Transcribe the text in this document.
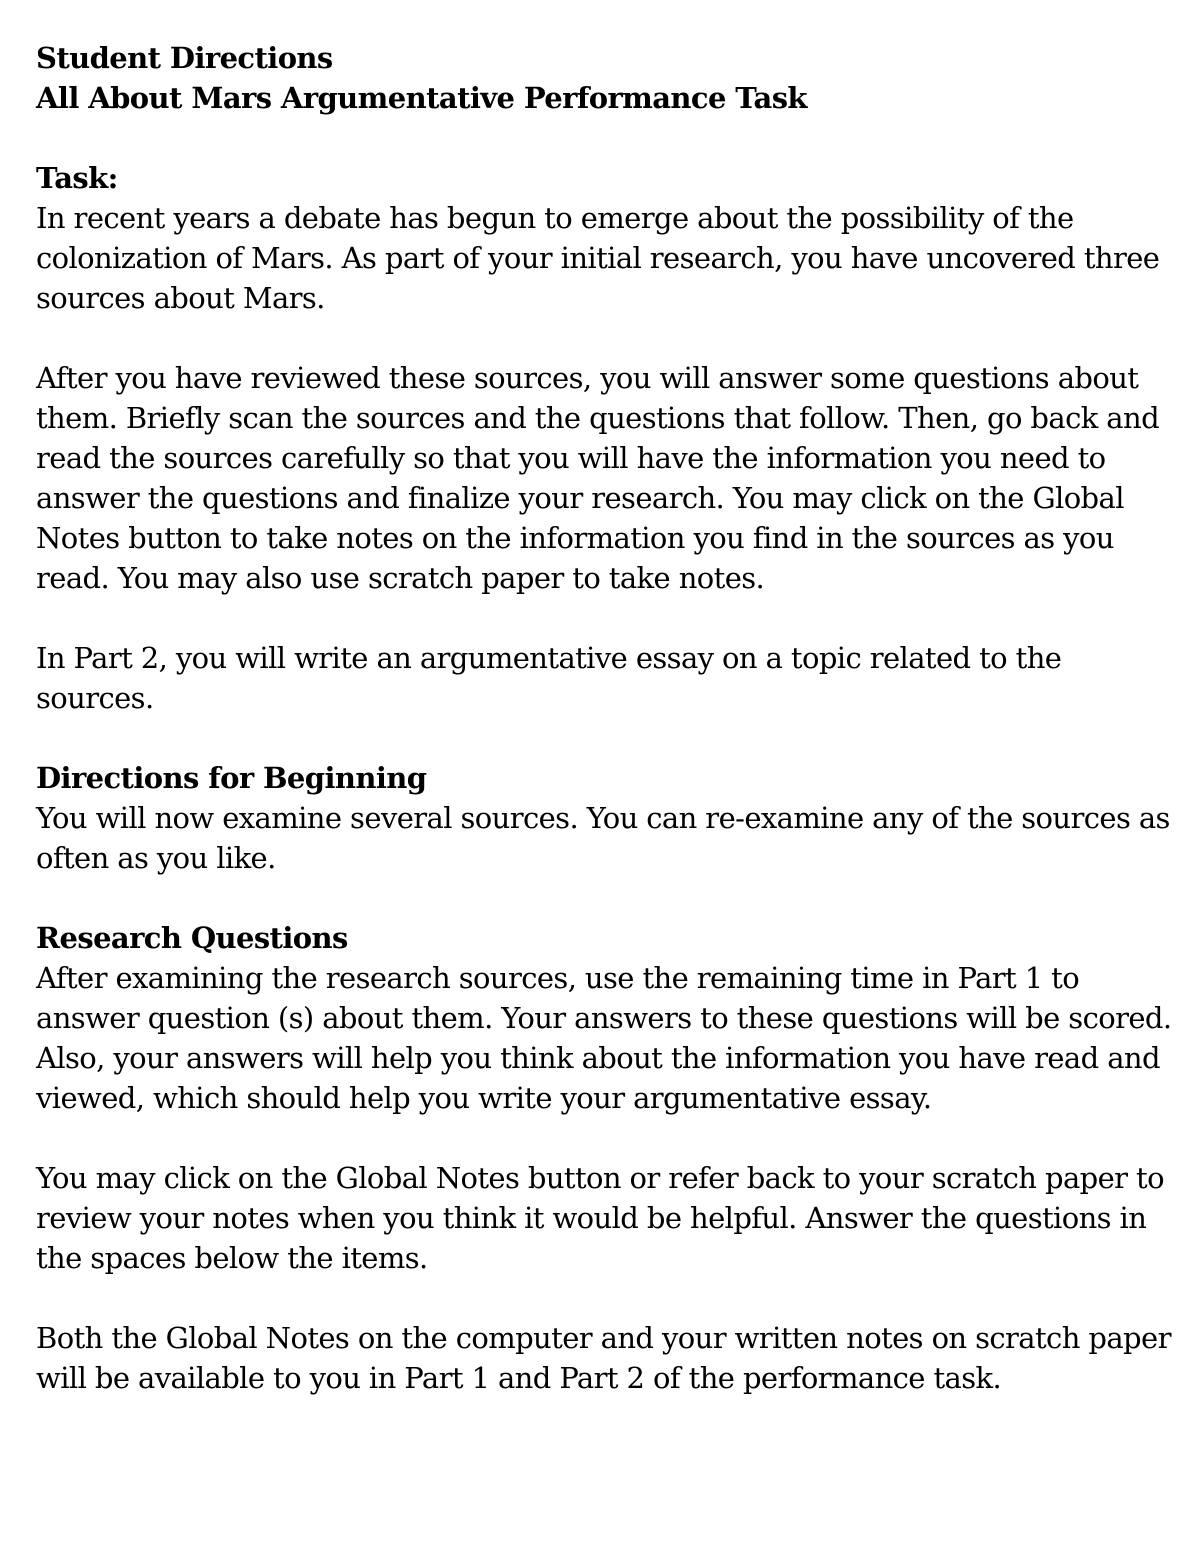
Student Directions
All About Mars Argumentative Performance Task
Task:

In recent years a debate has begun to emerge about the possibility of the colonization of Mars. As part of your initial research, you have uncovered three sources about Mars.

After you have reviewed these sources, you will answer some questions about them. Briefly scan the sources and the questions that follow. Then, go back and read the sources carefully so that you will have the information you need to answer the questions and finalize your research. You may click on the Global Notes button to take notes on the information you find in the sources as you read. You may also use scratch paper to take notes.

In Part 2, you will write an argumentative essay on a topic related to the sources.

Directions for Beginning

You will now examine several sources. You can re-examine any of the sources as often as you like.

Research Questions

After examining the research sources, use the remaining time in Part 1 to answer question (s) about them. Your answers to these questions will be scored. Also, your answers will help you think about the information you have read and viewed, which should help you write your argumentative essay.

You may click on the Global Notes button or refer back to your scratch paper to review your notes when you think it would be helpful. Answer the questions in the spaces below the items.

Both the Global Notes on the computer and your written notes on scratch paper will be available to you in Part 1 and Part 2 of the performance task.
